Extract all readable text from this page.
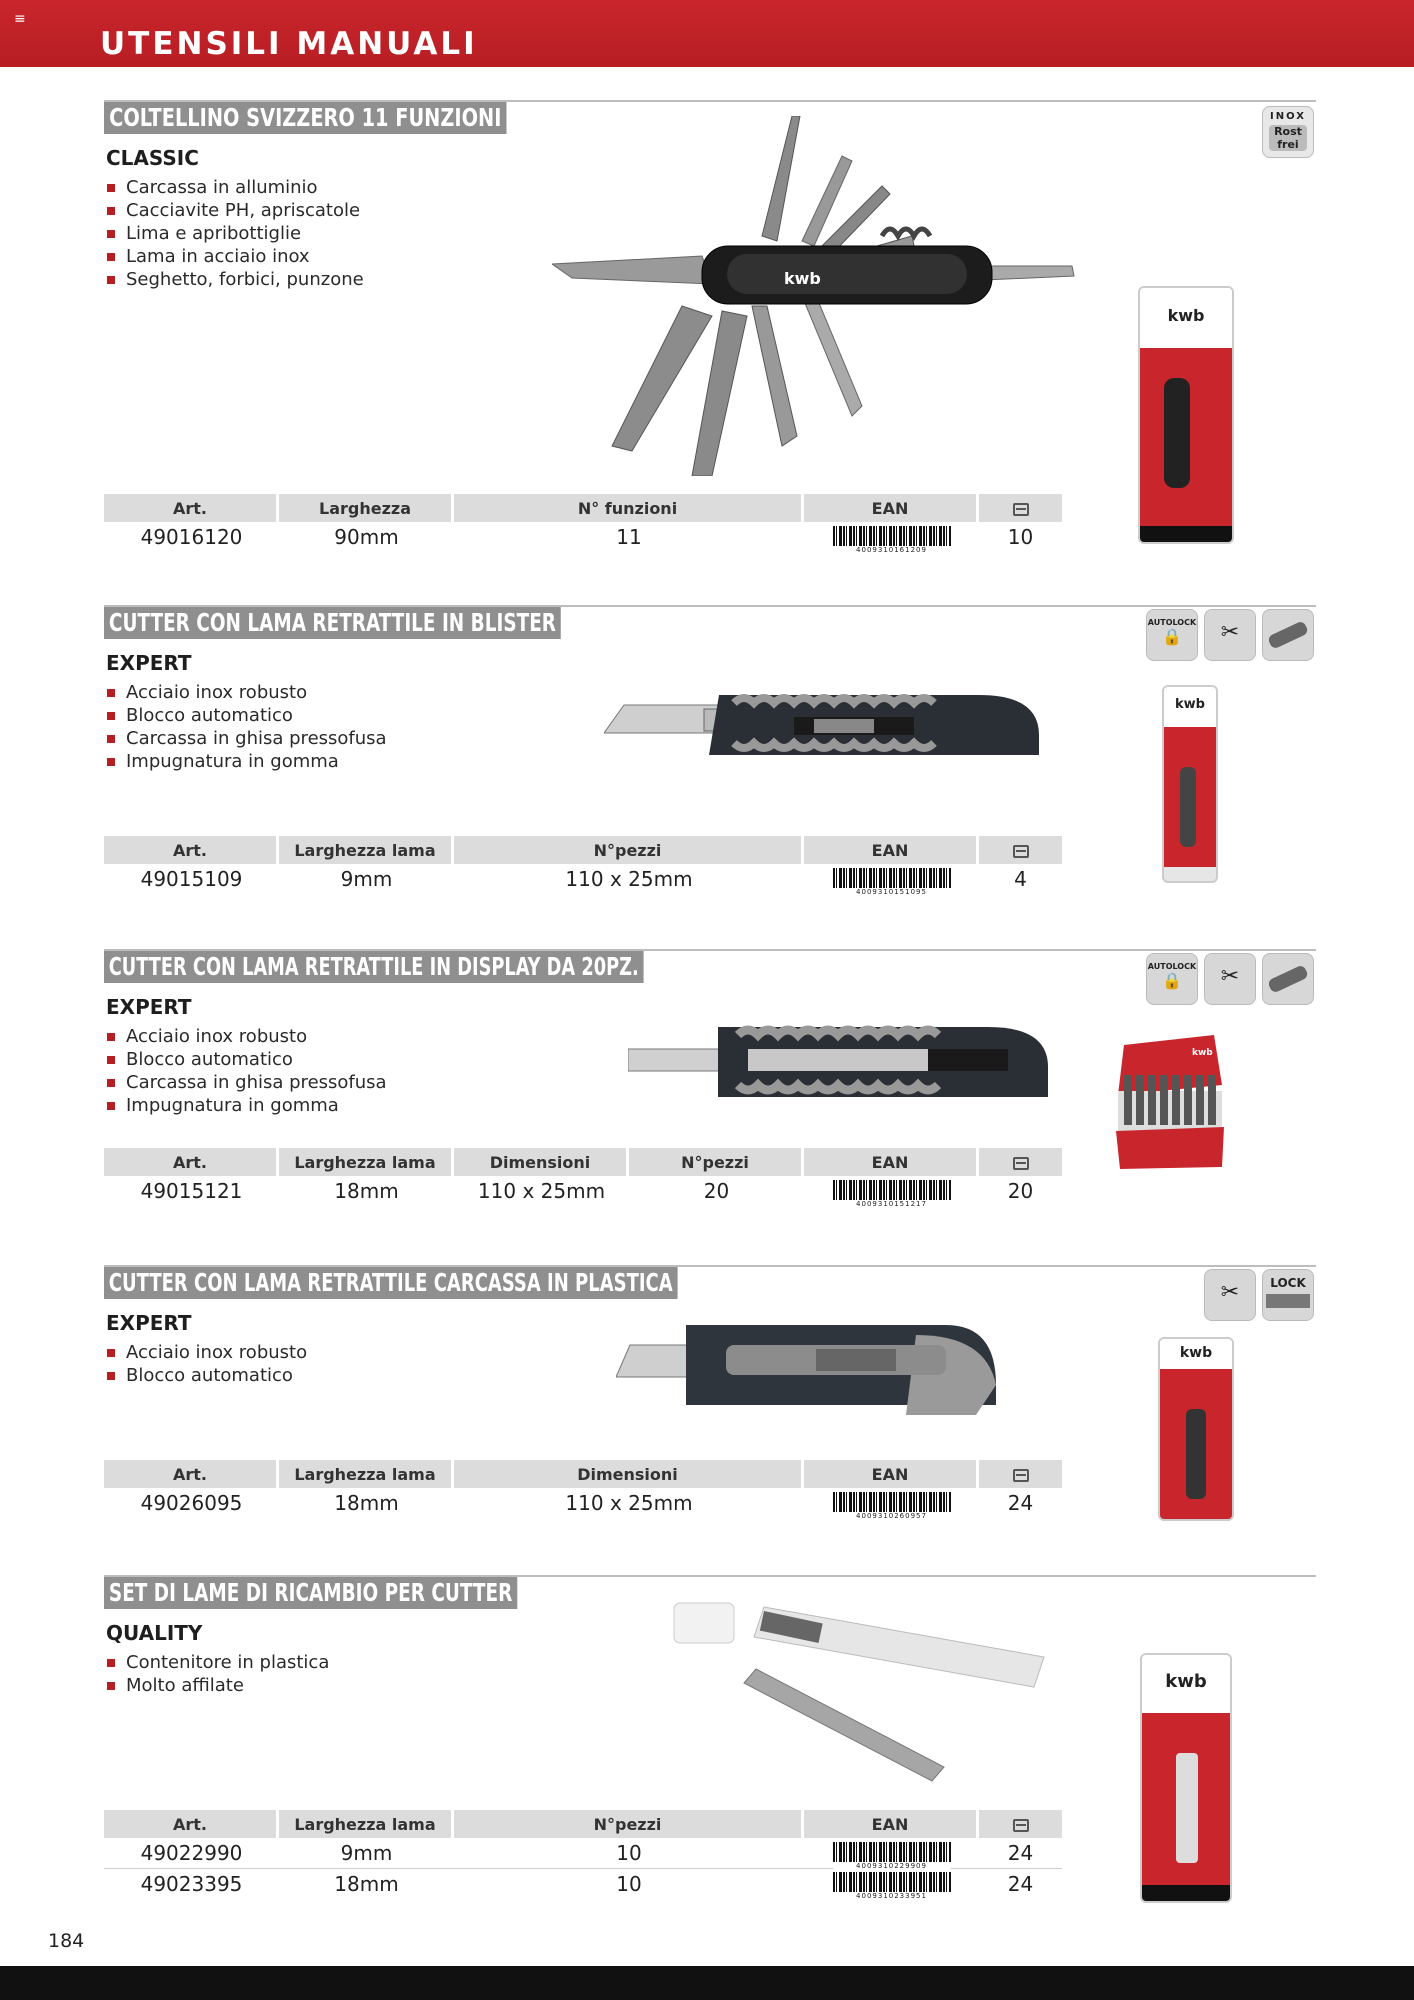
≡
UTENSILI MANUALI
COLTELLINO SVIZZERO 11 FUNZIONI
CLASSIC
Carcassa in alluminio
Cacciavite PH, apriscatole
Lima e apribottiglie
Lama in acciaio inox
Seghetto, forbici, punzone	kwb
INOX
Rost frei
kwb
Art.	Larghezza	N° funzioni	EAN	
49016120	90mm	11	4009310161209	10
CUTTER CON LAMA RETRATTILE IN BLISTER
EXPERT
Acciaio inox robusto
Blocco automatico
Carcassa in ghisa pressofusa
Impugnatura in gomma
AUTOLOCK
🔒	✂
kwb
Art.	Larghezza lama	N°pezzi	EAN	
49015109	9mm	110 x 25mm	4009310151095	4
CUTTER CON LAMA RETRATTILE IN DISPLAY DA 20PZ.
EXPERT
Acciaio inox robusto
Blocco automatico
Carcassa in ghisa pressofusa
Impugnatura in gomma
AUTOLOCK
🔒	✂
kwb
Art.	Larghezza lama	Dimensioni	N°pezzi	EAN	
49015121	18mm	110 x 25mm	20	4009310151217	20
CUTTER CON LAMA RETRATTILE CARCASSA IN PLASTICA
EXPERT
Acciaio inox robusto
Blocco automatico
✂	LOCK
kwb
Art.	Larghezza lama	Dimensioni	EAN	
49026095	18mm	110 x 25mm	4009310260957	24
SET DI LAME DI RICAMBIO PER CUTTER
QUALITY
Contenitore in plastica
Molto affilate	kwb
Art.	Larghezza lama	N°pezzi	EAN	
49022990	9mm	10	4009310229909	24
49023395	18mm	10	4009310233951	24
184
